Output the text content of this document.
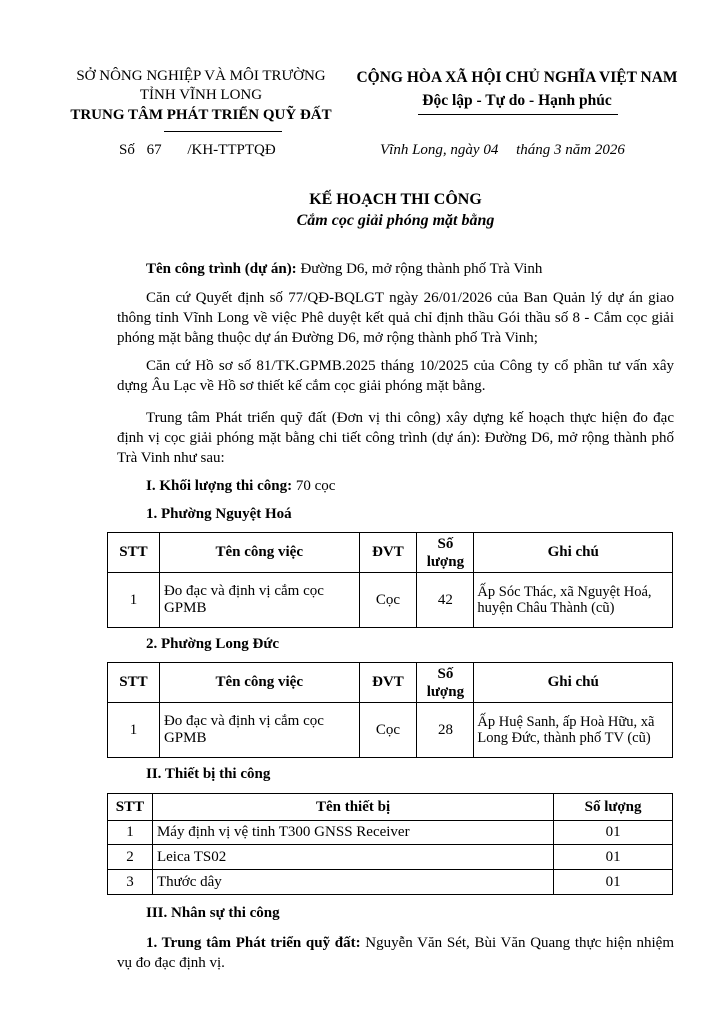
SỞ NÔNG NGHIỆP VÀ MÔI TRƯỜNG
TỈNH VĨNH LONG
TRUNG TÂM PHÁT TRIỂN QUỸ ĐẤT
CỘNG HÒA XÃ HỘI CHỦ NGHĨA VIỆT NAM
Độc lập - Tự do - Hạnh phúc
Số 67 /KH-TTPTQĐ	Vĩnh Long, ngày 04 tháng 3 năm 2026
KẾ HOẠCH THI CÔNG
Cắm cọc giải phóng mặt bằng
Tên công trình (dự án): Đường D6, mở rộng thành phố Trà Vinh
Căn cứ Quyết định số 77/QĐ-BQLGT ngày 26/01/2026 của Ban Quản lý dự án giao thông tỉnh Vĩnh Long về việc Phê duyệt kết quả chỉ định thầu Gói thầu số 8 - Cắm cọc giải phóng mặt bằng thuộc dự án Đường D6, mở rộng thành phố Trà Vinh;
Căn cứ Hồ sơ số 81/TK.GPMB.2025 tháng 10/2025 của Công ty cổ phần tư vấn xây dựng Âu Lạc về Hồ sơ thiết kế cắm cọc giải phóng mặt bằng.
Trung tâm Phát triển quỹ đất (Đơn vị thi công) xây dựng kế hoạch thực hiện đo đạc định vị cọc giải phóng mặt bằng chi tiết công trình (dự án): Đường D6, mở rộng thành phố Trà Vinh như sau:
I. Khối lượng thi công: 70 cọc
1. Phường Nguyệt Hoá
STT	Tên công việc	ĐVT	Số lượng	Ghi chú
1	Đo đạc và định vị cắm cọc GPMB	Cọc	42	Ấp Sóc Thác, xã Nguyệt Hoá, huyện Châu Thành (cũ)
2. Phường Long Đức
STT	Tên công việc	ĐVT	Số lượng	Ghi chú
1	Đo đạc và định vị cắm cọc GPMB	Cọc	28	Ấp Huệ Sanh, ấp Hoà Hữu, xã Long Đức, thành phố TV (cũ)
II. Thiết bị thi công
STT	Tên thiết bị	Số lượng
1	Máy định vị vệ tinh T300 GNSS Receiver	01
2	Leica TS02	01
3	Thước dây	01
III. Nhân sự thi công
1. Trung tâm Phát triển quỹ đất: Nguyễn Văn Sét, Bùi Văn Quang thực hiện nhiệm vụ đo đạc định vị.
